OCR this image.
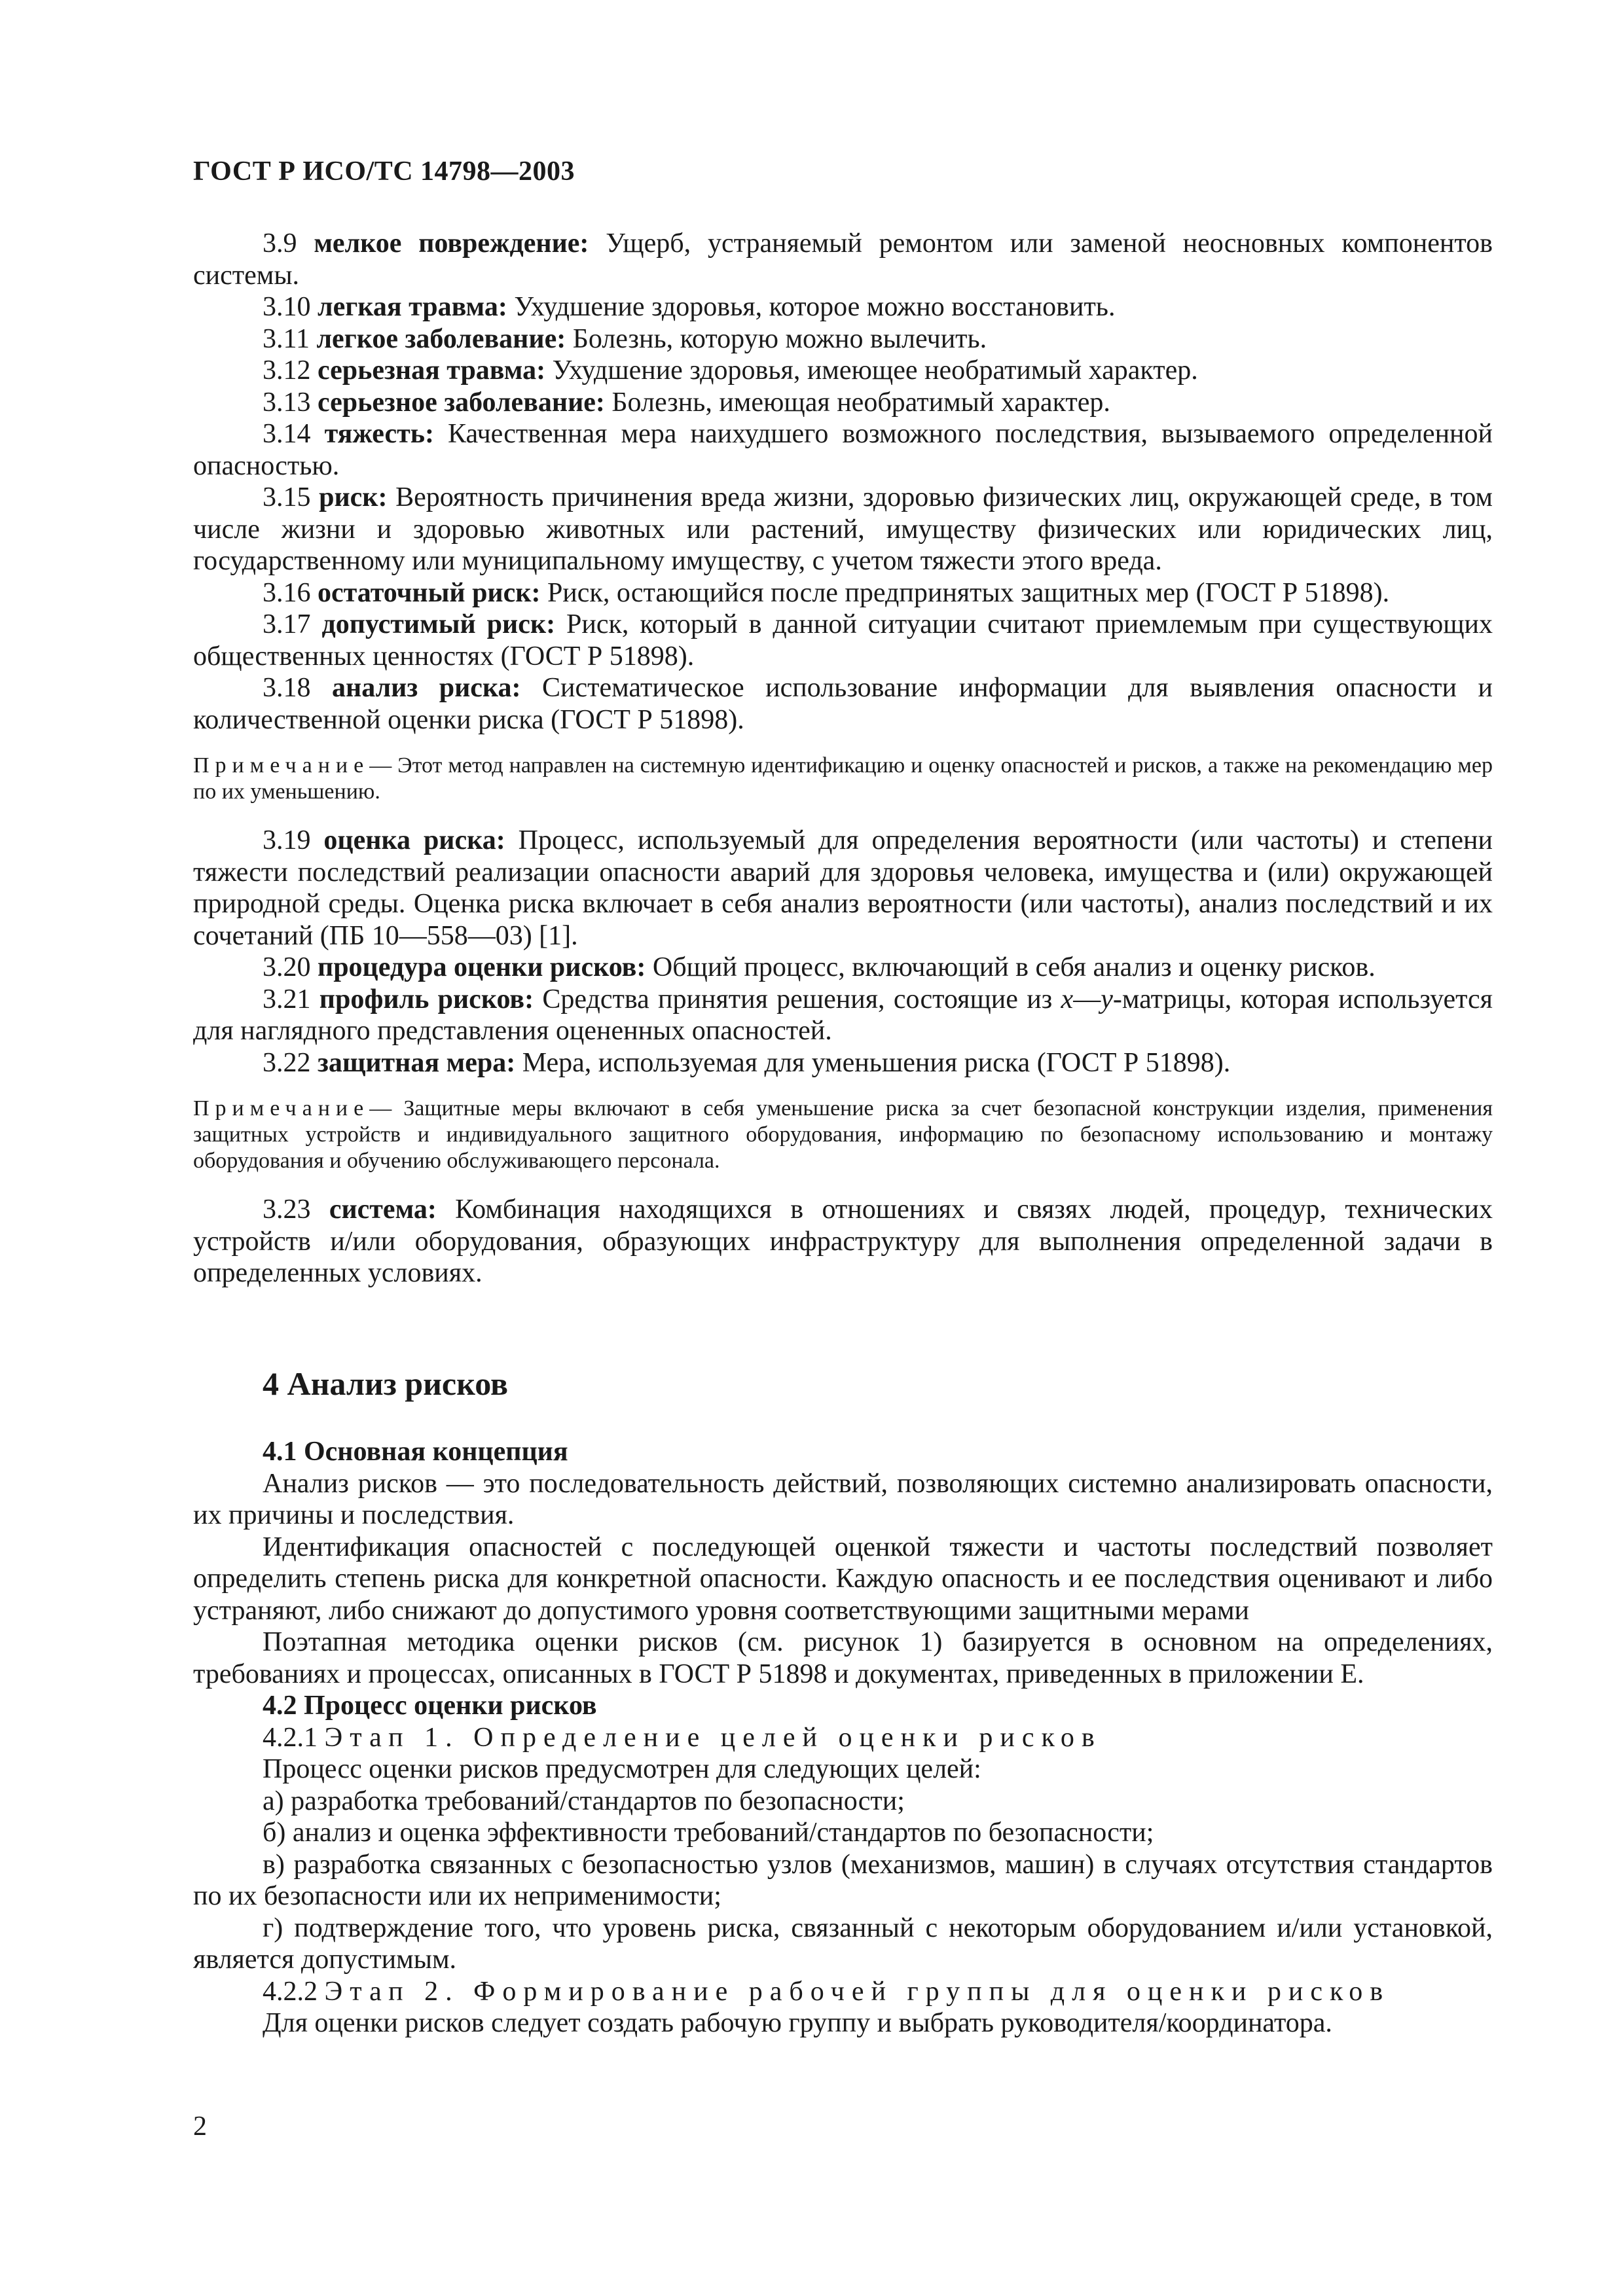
ГОСТ Р ИСО/ТС 14798—2003

3.9 мелкое повреждение: Ущерб, устраняемый ремонтом или заменой неосновных компонентов системы.

3.10 легкая травма: Ухудшение здоровья, которое можно восстановить.

3.11 легкое заболевание: Болезнь, которую можно вылечить.

3.12 серьезная травма: Ухудшение здоровья, имеющее необратимый характер.

3.13 серьезное заболевание: Болезнь, имеющая необратимый характер.

3.14 тяжесть: Качественная мера наихудшего возможного последствия, вызываемого определенной опасностью.

3.15 риск: Вероятность причинения вреда жизни, здоровью физических лиц, окружающей среде, в том числе жизни и здоровью животных или растений, имуществу физических или юридических лиц, государственному или муниципальному имуществу, с учетом тяжести этого вреда.

3.16 остаточный риск: Риск, остающийся после предпринятых защитных мер (ГОСТ Р 51898).

3.17 допустимый риск: Риск, который в данной ситуации считают приемлемым при существующих общественных ценностях (ГОСТ Р 51898).

3.18 анализ риска: Систематическое использование информации для выявления опасности и количественной оценки риска (ГОСТ Р 51898).

Примечание— Этот метод направлен на системную идентификацию и оценку опасностей и рисков, а также на рекомендацию мер по их уменьшению.

3.19 оценка риска: Процесс, используемый для определения вероятности (или частоты) и степени тяжести последствий реализации опасности аварий для здоровья человека, имущества и (или) окружающей природной среды. Оценка риска включает в себя анализ вероятности (или частоты), анализ последствий и их сочетаний (ПБ 10—558—03) [1].

3.20 процедура оценки рисков: Общий процесс, включающий в себя анализ и оценку рисков.

3.21 профиль рисков: Средства принятия решения, состоящие из x—y-матрицы, которая используется для наглядного представления оцененных опасностей.

3.22 защитная мера: Мера, используемая для уменьшения риска (ГОСТ Р 51898).

Примечание— Защитные меры включают в себя уменьшение риска за счет безопасной конструкции изделия, применения защитных устройств и индивидуального защитного оборудования, информацию по безопасному использованию и монтажу оборудования и обучению обслуживающего персонала.

3.23 система: Комбинация находящихся в отношениях и связях людей, процедур, технических устройств и/или оборудования, образующих инфраструктуру для выполнения определенной задачи в определенных условиях.

4 Анализ рисков

4.1 Основная концепция

Анализ рисков — это последовательность действий, позволяющих системно анализировать опасности, их причины и последствия.

Идентификация опасностей с последующей оценкой тяжести и частоты последствий позволяет определить степень риска для конкретной опасности. Каждую опасность и ее последствия оценивают и либо устраняют, либо снижают до допустимого уровня соответствующими защитными мерами

Поэтапная методика оценки рисков (см. рисунок 1) базируется в основном на определениях, требованиях и процессах, описанных в ГОСТ Р 51898 и документах, приведенных в приложении Е.

4.2 Процесс оценки рисков

4.2.1 Этап 1. Определение целей оценки рисков

Процесс оценки рисков предусмотрен для следующих целей:

а) разработка требований/стандартов по безопасности;

б) анализ и оценка эффективности требований/стандартов по безопасности;

в) разработка связанных с безопасностью узлов (механизмов, машин) в случаях отсутствия стандартов по их безопасности или их неприменимости;

г) подтверждение того, что уровень риска, связанный с некоторым оборудованием и/или установкой, является допустимым.

4.2.2 Этап 2. Формирование рабочей группы для оценки рисков

Для оценки рисков следует создать рабочую группу и выбрать руководителя/координатора.

2
